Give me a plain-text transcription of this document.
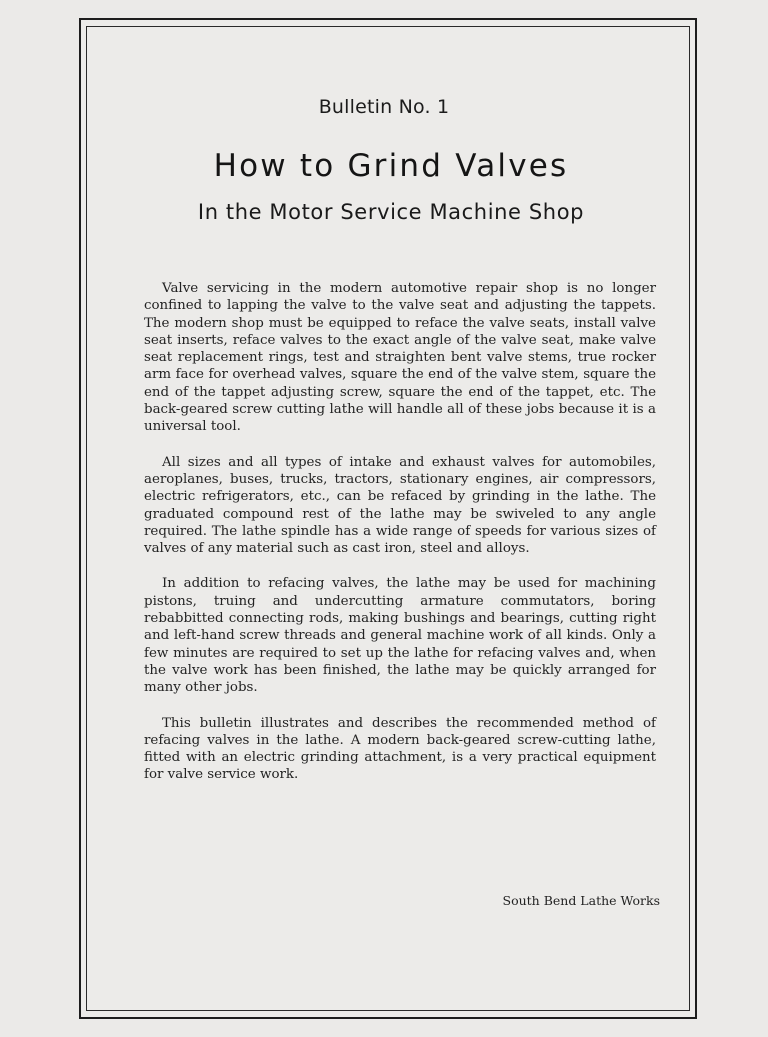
Bulletin No. 1
How to Grind Valves
In the Motor Service Machine Shop

Valve servicing in the modern automotive repair shop is no longer confined to lapping the valve to the valve seat and adjusting the tappets. The modern shop must be equipped to reface the valve seats, install valve seat inserts, reface valves to the exact angle of the valve seat, make valve seat replacement rings, test and straighten bent valve stems, true rocker arm face for overhead valves, square the end of the valve stem, square the end of the tappet adjusting screw, square the end of the tappet, etc. The back-geared screw cutting lathe will handle all of these jobs because it is a universal tool.

All sizes and all types of intake and exhaust valves for automobiles, aeroplanes, buses, trucks, tractors, stationary engines, air compressors, electric refrigerators, etc., can be refaced by grinding in the lathe. The graduated compound rest of the lathe may be swiveled to any angle required. The lathe spindle has a wide range of speeds for various sizes of valves of any material such as cast iron, steel and alloys.

In addition to refacing valves, the lathe may be used for machining pistons, truing and undercutting armature commutators, boring rebabbitted connecting rods, making bushings and bearings, cutting right and left-hand screw threads and general machine work of all kinds. Only a few minutes are required to set up the lathe for refacing valves and, when the valve work has been finished, the lathe may be quickly arranged for many other jobs.

This bulletin illustrates and describes the recommended method of refacing valves in the lathe. A modern back-geared screw-cutting lathe, fitted with an electric grinding attachment, is a very practical equipment for valve service work.

South Bend Lathe Works
